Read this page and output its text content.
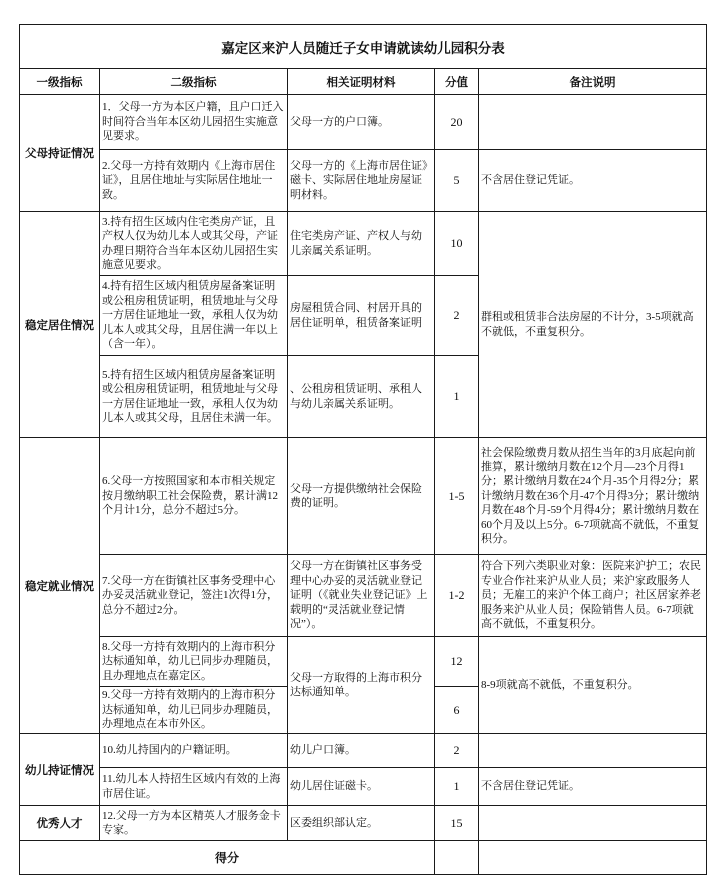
嘉定区来沪人员随迁子女申请就读幼儿园积分表				
一级指标	二级指标	相关证明材料	分值	备注说明
父母持证情况	1．父母一方为本区户籍，且户口迁入时间符合当年本区幼儿园招生实施意见要求。	父母一方的户口簿。	20	
	2.父母一方持有效期内《上海市居住证》，且居住地址与实际居住地址一致。	父母一方的《上海市居住证》磁卡、实际居住地址房屋证明材料。	5	不含居住登记凭证。
稳定居住情况	3.持有招生区域内住宅类房产证，且产权人仅为幼儿本人或其父母，产证办理日期符合当年本区幼儿园招生实施意见要求。	住宅类房产证、产权人与幼儿亲属关系证明。	10	群租或租赁非合法房屋的不计分，3-5项就高不就低，不重复积分。
	4.持有招生区域内租赁房屋备案证明或公租房租赁证明，租赁地址与父母一方居住证地址一致，承租人仅为幼儿本人或其父母，且居住满一年以上（含一年）。	房屋租赁合同、村居开具的居住证明单，租赁备案证明	2	
	5.持有招生区域内租赁房屋备案证明或公租房租赁证明，租赁地址与父母一方居住证地址一致，承租人仅为幼儿本人或其父母，且居住未满一年。	、公租房租赁证明、承租人与幼儿亲属关系证明。	1	
稳定就业情况	6.父母一方按照国家和本市相关规定按月缴纳职工社会保险费，累计满12个月计1分，总分不超过5分。	父母一方提供缴纳社会保险费的证明。	1-5	社会保险缴费月数从招生当年的3月底起向前推算，累计缴纳月数在12个月—23个月得1分；累计缴纳月数在24个月-35个月得2分；累计缴纳月数在36个月-47个月得3分；累计缴纳月数在48个月-59个月得4分；累计缴纳月数在60个月及以上5分。6-7项就高不就低，不重复积分。
	7.父母一方在街镇社区事务受理中心办妥灵活就业登记，签注1次得1分，总分不超过2分。	父母一方在街镇社区事务受理中心办妥的灵活就业登记证明（《就业失业登记证》上载明的“灵活就业登记情况”）。	1-2	符合下列六类职业对象：医院来沪护工；农民专业合作社来沪从业人员；来沪家政服务人员；无雇工的来沪个体工商户；社区居家养老服务来沪从业人员；保险销售人员。6-7项就高不就低，不重复积分。
	8.父母一方持有效期内的上海市积分达标通知单，幼儿已同步办理随员，且办理地点在嘉定区。	父母一方取得的上海市积分达标通知单。	12	8-9项就高不就低，不重复积分。
	9.父母一方持有效期内的上海市积分达标通知单，幼儿已同步办理随员，办理地点在本市外区。		6	
幼儿持证情况	10.幼儿持国内的户籍证明。	幼儿户口簿。	2	
	11.幼儿本人持招生区域内有效的上海市居住证。	幼儿居住证磁卡。	1	不含居住登记凭证。
优秀人才	12.父母一方为本区精英人才服务金卡专家。	区委组织部认定。	15	
得分				
